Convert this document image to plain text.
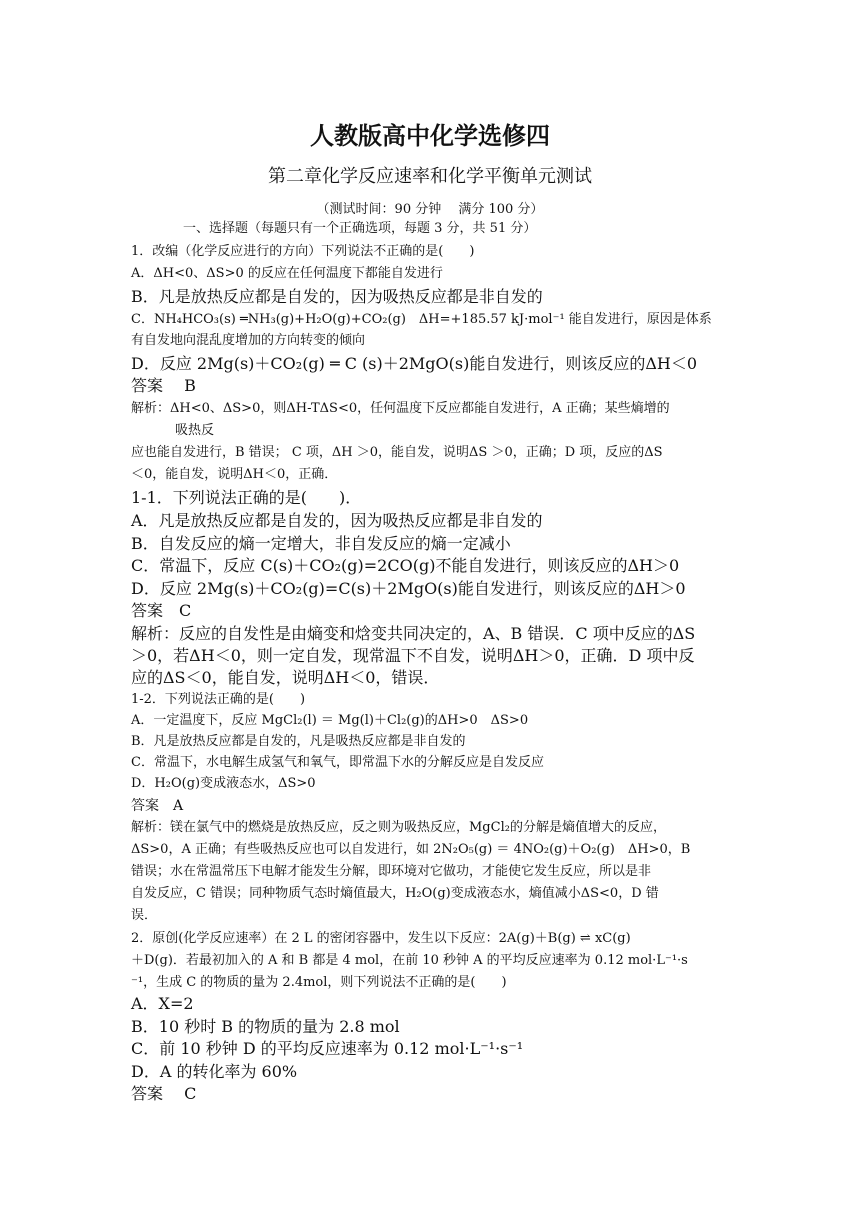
人教版高中化学选修四
第二章化学反应速率和化学平衡单元测试
（测试时间：90 分钟　 满分 100 分）
一、选择题（每题只有一个正确选项，每题 3 分，共 51 分）
1．改编（化学反应进行的方向）下列说法不正确的是(　　)
A．ΔH<0、ΔS>0 的反应在任何温度下都能自发进行
B．凡是放热反应都是自发的，因为吸热反应都是非自发的
C．NH₄HCO₃(s) ═NH₃(g)+H₂O(g)+CO₂(g)　ΔH=+185.57 kJ·mol⁻¹ 能自发进行，原因是体系
有自发地向混乱度增加的方向转变的倾向
D．反应 2Mg(s)＋CO₂(g) ═ C (s)＋2MgO(s)能自发进行，则该反应的ΔH＜0
答案　 B
解析：ΔH<0、ΔS>0，则ΔH-TΔS<0，任何温度下反应都能自发进行，A 正确；某些熵增的
吸热反
应也能自发进行，B 错误； C 项，ΔH ＞0，能自发，说明ΔS ＞0，正确；D 项，反应的ΔS
＜0，能自发，说明ΔH＜0，正确．
1-1．下列说法正确的是(　　)．
A．凡是放热反应都是自发的，因为吸热反应都是非自发的
B．自发反应的熵一定增大，非自发反应的熵一定减小
C．常温下，反应 C(s)＋CO₂(g)=2CO(g)不能自发进行，则该反应的ΔH＞0
D．反应 2Mg(s)＋CO₂(g)=C(s)＋2MgO(s)能自发进行，则该反应的ΔH＞0
答案　C
解析：反应的自发性是由熵变和焓变共同决定的，A、B 错误．C 项中反应的ΔS
＞0，若ΔH＜0，则一定自发，现常温下不自发，说明ΔH＞0，正确．D 项中反
应的ΔS＜0，能自发，说明ΔH＜0，错误．
1-2．下列说法正确的是(　　)
A．一定温度下，反应 MgCl₂(l) ＝ Mg(l)＋Cl₂(g)的ΔH>0　ΔS>0
B．凡是放热反应都是自发的，凡是吸热反应都是非自发的
C．常温下，水电解生成氢气和氧气，即常温下水的分解反应是自发反应
D．H₂O(g)变成液态水，ΔS>0
答案　A
解析：镁在氯气中的燃烧是放热反应，反之则为吸热反应，MgCl₂的分解是熵值增大的反应，
ΔS>0，A 正确；有些吸热反应也可以自发进行，如 2N₂O₅(g) ＝ 4NO₂(g)＋O₂(g)　ΔH>0，B
错误；水在常温常压下电解才能发生分解，即环境对它做功，才能使它发生反应，所以是非
自发反应，C 错误；同种物质气态时熵值最大，H₂O(g)变成液态水，熵值减小ΔS<0，D 错
误．
2．原创(化学反应速率）在 2 L 的密闭容器中，发生以下反应：2A(g)＋B(g) ⇌ xC(g)
＋D(g)．若最初加入的 A 和 B 都是 4 mol，在前 10 秒钟 A 的平均反应速率为 0.12 mol·L⁻¹·s
⁻¹，生成 C 的物质的量为 2.4mol，则下列说法不正确的是(　　)
A．X=2
B．10 秒时 B 的物质的量为 2.8 mol
C．前 10 秒钟 D 的平均反应速率为 0.12 mol·L⁻¹·s⁻¹
D．A 的转化率为 60%
答案　 C
